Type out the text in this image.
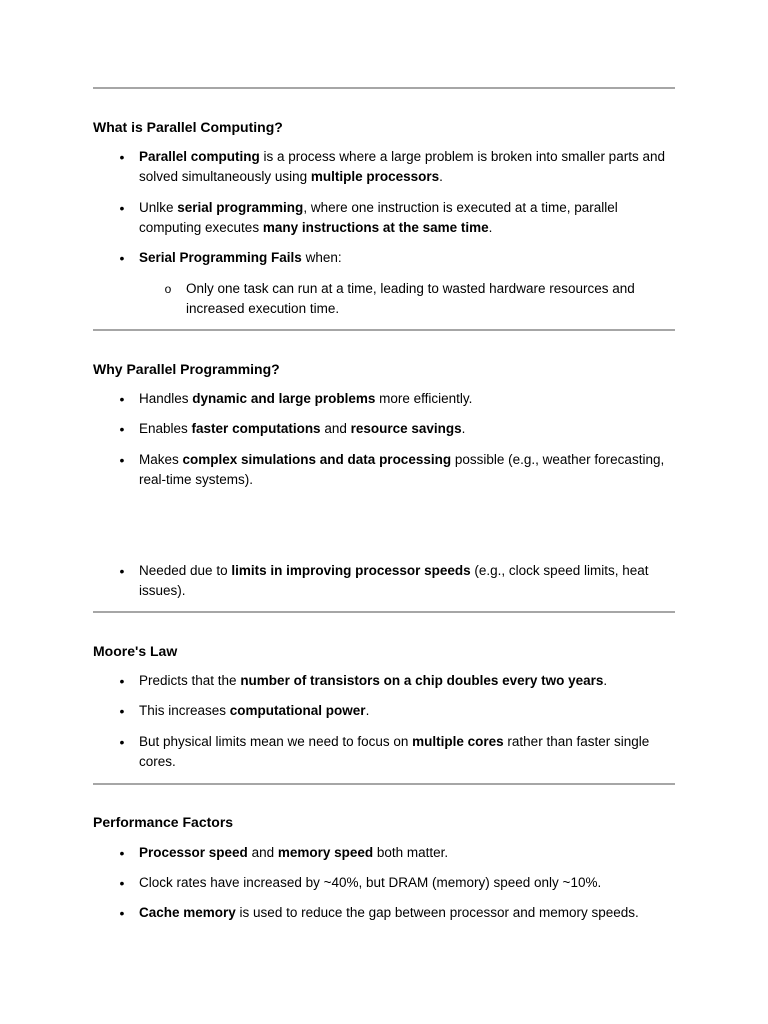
What is Parallel Computing?
•	Parallel computing is a process where a large problem is broken into smaller parts and solved simultaneously using multiple processors.
•	Unlke serial programming, where one instruction is executed at a time, parallel computing executes many instructions at the same time.
•	Serial Programming Fails when:
o Only one task can run at a time, leading to wasted hardware resources and increased execution time.
Why Parallel Programming?
•	Handles dynamic and large problems more efficiently.
•	Enables faster computations and resource savings.
•	Makes complex simulations and data processing possible (e.g., weather forecasting, real-time systems).
•	Needed due to limits in improving processor speeds (e.g., clock speed limits, heat issues).
Moore's Law
•	Predicts that the number of transistors on a chip doubles every two years.
•	This increases computational power.
•	But physical limits mean we need to focus on multiple cores rather than faster single cores.
Performance Factors
•	Processor speed and memory speed both matter.
•	Clock rates have increased by ~40%, but DRAM (memory) speed only ~10%.
•	Cache memory is used to reduce the gap between processor and memory speeds.
